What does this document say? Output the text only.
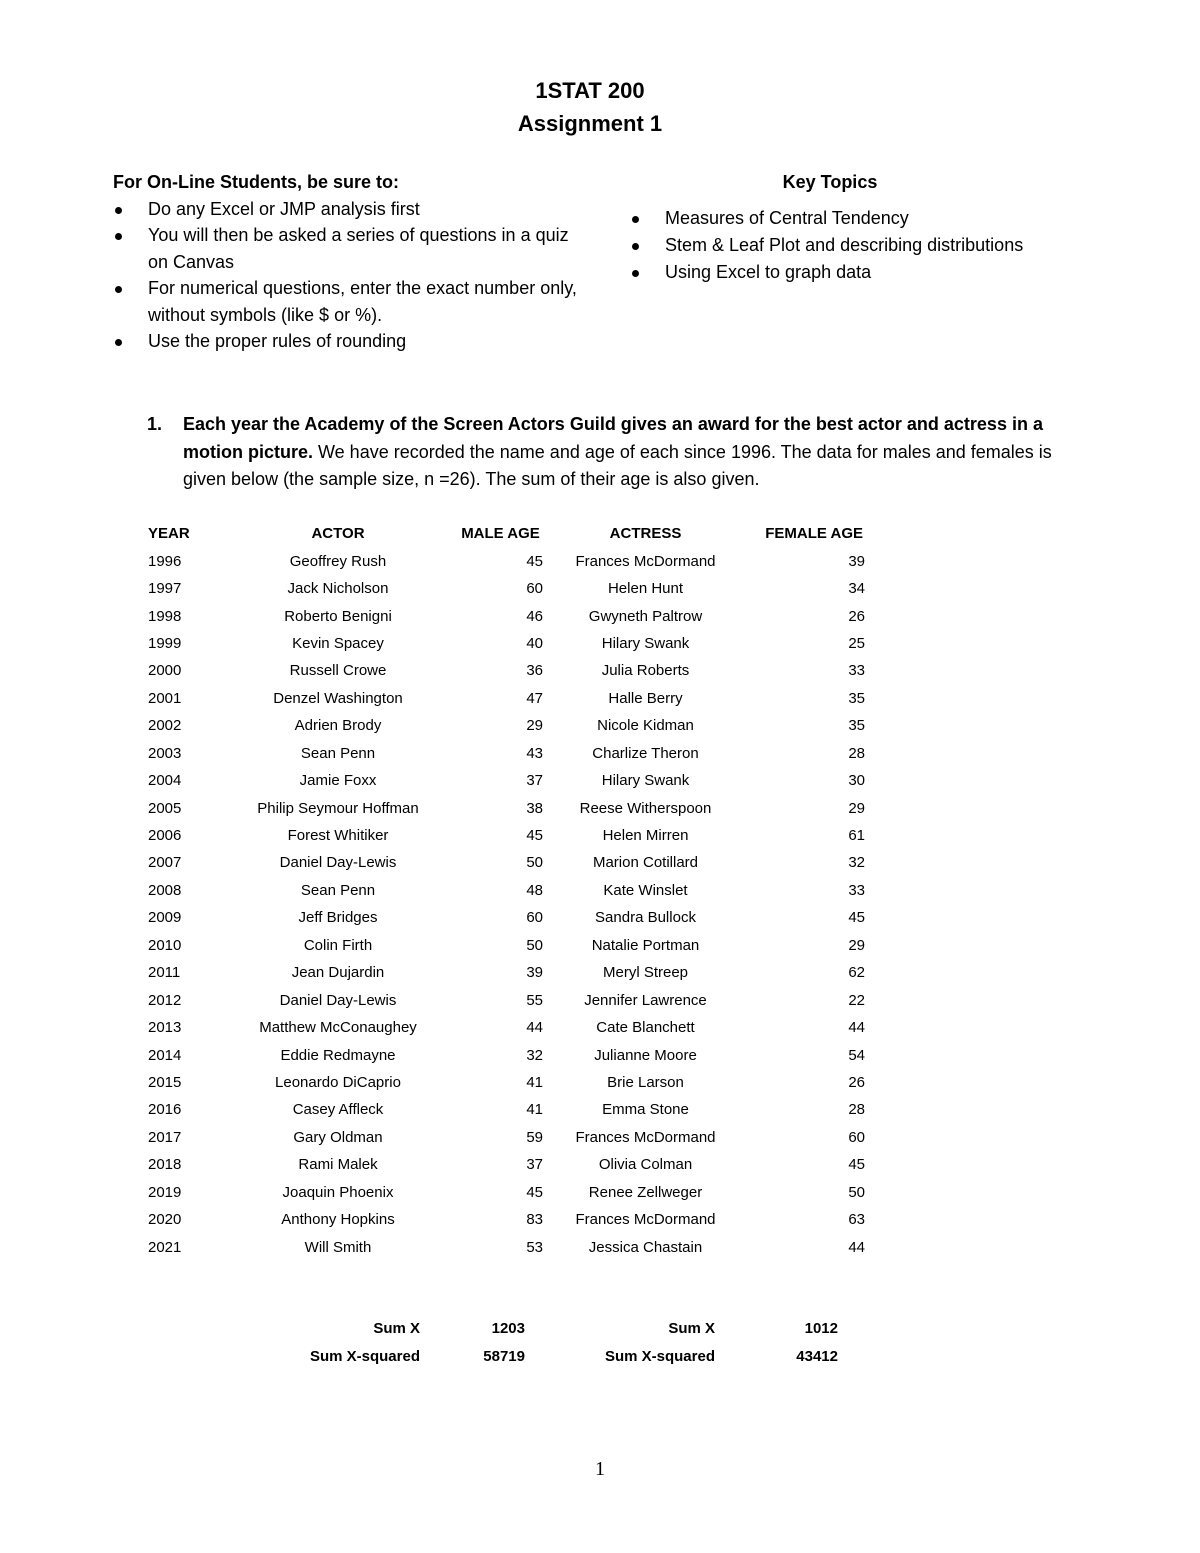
1STAT 200
Assignment 1
For On-Line Students, be sure to:
Do any Excel or JMP analysis first
You will then be asked a series of questions in a quiz on Canvas
For numerical questions, enter the exact number only, without symbols (like $ or %).
Use the proper rules of rounding
Key Topics
Measures of Central Tendency
Stem & Leaf Plot and describing distributions
Using Excel to graph data
1. Each year the Academy of the Screen Actors Guild gives an award for the best actor and actress in a motion picture. We have recorded the name and age of each since 1996. The data for males and females is given below (the sample size, n =26). The sum of their age is also given.
YEAR	ACTOR	MALE AGE	ACTRESS	FEMALE AGE
1996	Geoffrey Rush	45	Frances McDormand	39
1997	Jack Nicholson	60	Helen Hunt	34
1998	Roberto Benigni	46	Gwyneth Paltrow	26
1999	Kevin Spacey	40	Hilary Swank	25
2000	Russell Crowe	36	Julia Roberts	33
2001	Denzel Washington	47	Halle Berry	35
2002	Adrien Brody	29	Nicole Kidman	35
2003	Sean Penn	43	Charlize Theron	28
2004	Jamie Foxx	37	Hilary Swank	30
2005	Philip Seymour Hoffman	38	Reese Witherspoon	29
2006	Forest Whitiker	45	Helen Mirren	61
2007	Daniel Day-Lewis	50	Marion Cotillard	32
2008	Sean Penn	48	Kate Winslet	33
2009	Jeff Bridges	60	Sandra Bullock	45
2010	Colin Firth	50	Natalie Portman	29
2011	Jean Dujardin	39	Meryl Streep	62
2012	Daniel Day-Lewis	55	Jennifer Lawrence	22
2013	Matthew McConaughey	44	Cate Blanchett	44
2014	Eddie Redmayne	32	Julianne Moore	54
2015	Leonardo DiCaprio	41	Brie Larson	26
2016	Casey Affleck	41	Emma Stone	28
2017	Gary Oldman	59	Frances McDormand	60
2018	Rami Malek	37	Olivia Colman	45
2019	Joaquin Phoenix	45	Renee Zellweger	50
2020	Anthony Hopkins	83	Frances McDormand	63
2021	Will Smith	53	Jessica Chastain	44
Sum X	1203	Sum X	1012
Sum X-squared	58719	Sum X-squared	43412
1
